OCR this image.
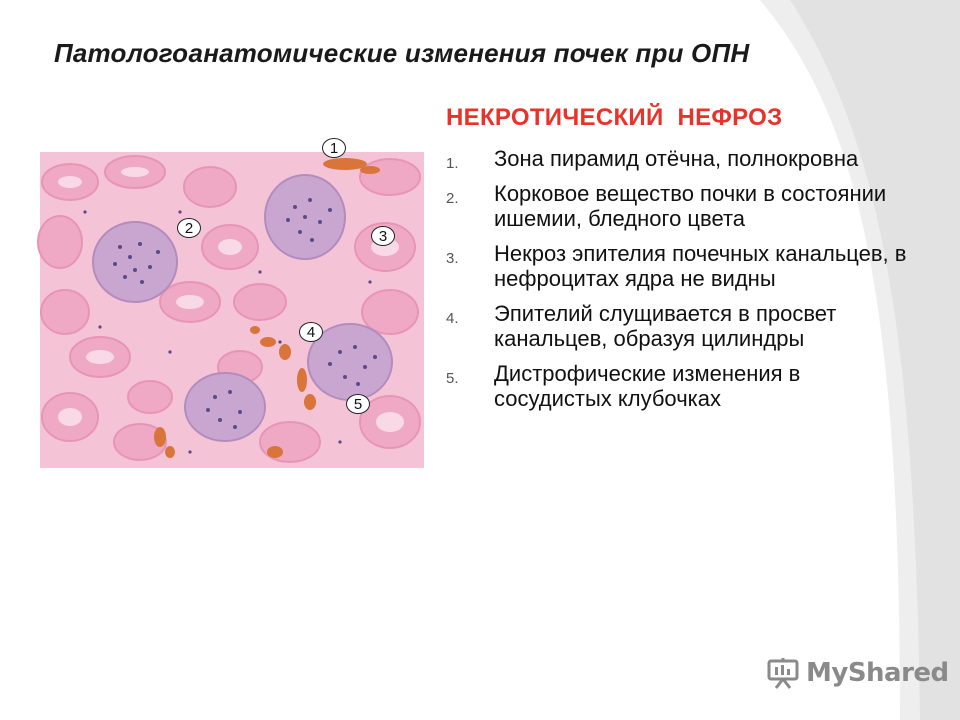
Патологоанатомические изменения почек при ОПН
1
2	3
4
5
НЕКРОТИЧЕСКИЙ  НЕФРОЗ
1. Зона пирамид отёчна, полнокровна
2. Корковое вещество почки в состоянии ишемии, бледного цвета
3. Некроз эпителия почечных канальцев, в нефроцитах ядра не видны
4. Эпителий слущивается в просвет канальцев, образуя цилиндры
5. Дистрофические изменения в сосудистых клубочках
MyShared
